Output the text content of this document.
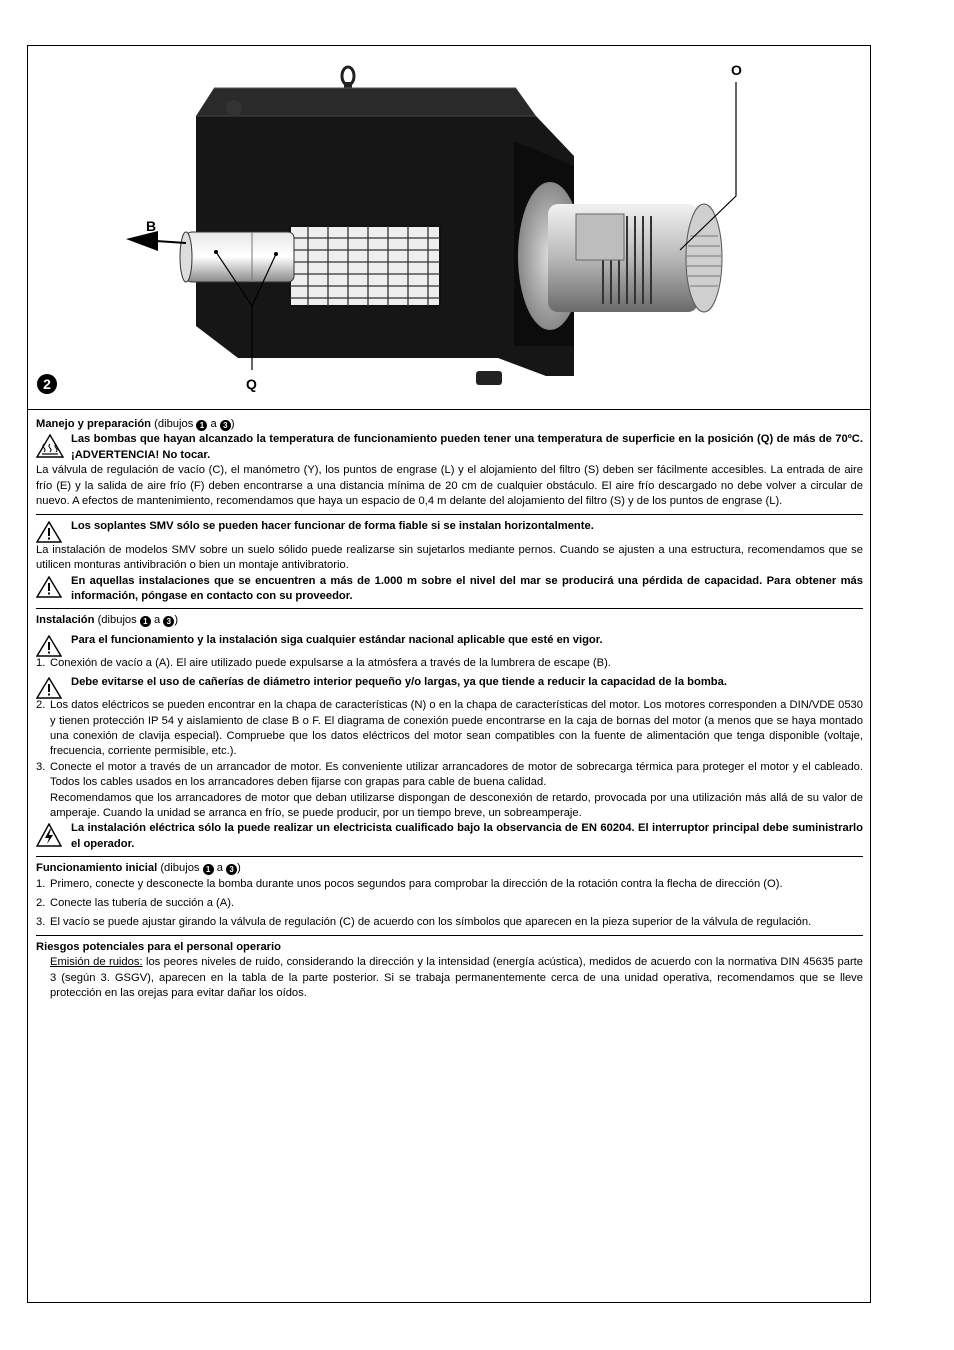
O
B
Q
2
Manejo y preparación (dibujos 1 a 3 )
Las bombas que hayan alcanzado la temperatura de funcionamiento pueden tener una temperatura de superficie en la posición (Q) de más de 70ºC. ¡ADVERTENCIA! No tocar.

La válvula de regulación de vacío (C), el manómetro (Y), los puntos de engrase (L) y el alojamiento del filtro (S) deben ser fácilmente accesibles. La entrada de aire frío (E) y la salida de aire frío (F) deben encontrarse a una distancia mínima de 20 cm de cualquier obstáculo. El aire frío descargado no debe volver a circular de nuevo. A efectos de mantenimiento, recomendamos que haya un espacio de 0,4 m delante del alojamiento del filtro (S) y de los puntos de engrase (L).

Los soplantes SMV sólo se pueden hacer funcionar de forma fiable si se instalan horizontalmente.

La instalación de modelos SMV sobre un suelo sólido puede realizarse sin sujetarlos mediante pernos. Cuando se ajusten a una estructura, recomendamos que se utilicen monturas antivibración o bien un montaje antivibratorio.

En aquellas instalaciones que se encuentren a más de 1.000 m sobre el nivel del mar se producirá una pérdida de capacidad. Para obtener más información, póngase en contacto con su proveedor.
Instalación (dibujos 1 a 3 )
Para el funcionamiento y la instalación siga cualquier estándar nacional aplicable que esté en vigor.
1. Conexión de vacío a (A). El aire utilizado puede expulsarse a la atmósfera a través de la lumbrera de escape (B).
Debe evitarse el uso de cañerías de diámetro interior pequeño y/o largas, ya que tiende a reducir la capacidad de la bomba.
2. Los datos eléctricos se pueden encontrar en la chapa de características (N) o en la chapa de características del motor. Los motores corresponden a DIN/VDE 0530 y tienen protección IP 54 y aislamiento de clase B o F. El diagrama de conexión puede encontrarse en la caja de bornas del motor (a menos que se haya montado una conexión de clavija especial). Compruebe que los datos eléctricos del motor sean compatibles con la fuente de alimentación que tenga disponible (voltaje, frecuencia, corriente permisible, etc.).
3. Conecte el motor a través de un arrancador de motor. Es conveniente utilizar arrancadores de motor de sobrecarga térmica para proteger el motor y el cableado. Todos los cables usados en los arrancadores deben fijarse con grapas para cable de buena calidad.
Recomendamos que los arrancadores de motor que deban utilizarse dispongan de desconexión de retardo, provocada por una utilización más allá de su valor de amperaje. Cuando la unidad se arranca en frío, se puede producir, por un tiempo breve, un sobreamperaje.
La instalación eléctrica sólo la puede realizar un electricista cualificado bajo la observancia de EN 60204. El interruptor principal debe suministrarlo el operador.
Funcionamiento inicial (dibujos 1 a 3 )
1. Primero, conecte y desconecte la bomba durante unos pocos segundos para comprobar la dirección de la rotación contra la flecha de dirección (O).
2. Conecte las tubería de succión a (A).
3. El vacío se puede ajustar girando la válvula de regulación (C) de acuerdo con los símbolos que aparecen en la pieza superior de la válvula de regulación.
Riesgos potenciales para el personal operario

Emisión de ruidos: los peores niveles de ruido, considerando la dirección y la intensidad (energía acústica), medidos de acuerdo con la normativa DIN 45635 parte 3 (según 3. GSGV), aparecen en la tabla de la parte posterior. Si se trabaja permanentemente cerca de una unidad operativa, recomendamos que se lleve protección en las orejas para evitar dañar los oídos.
